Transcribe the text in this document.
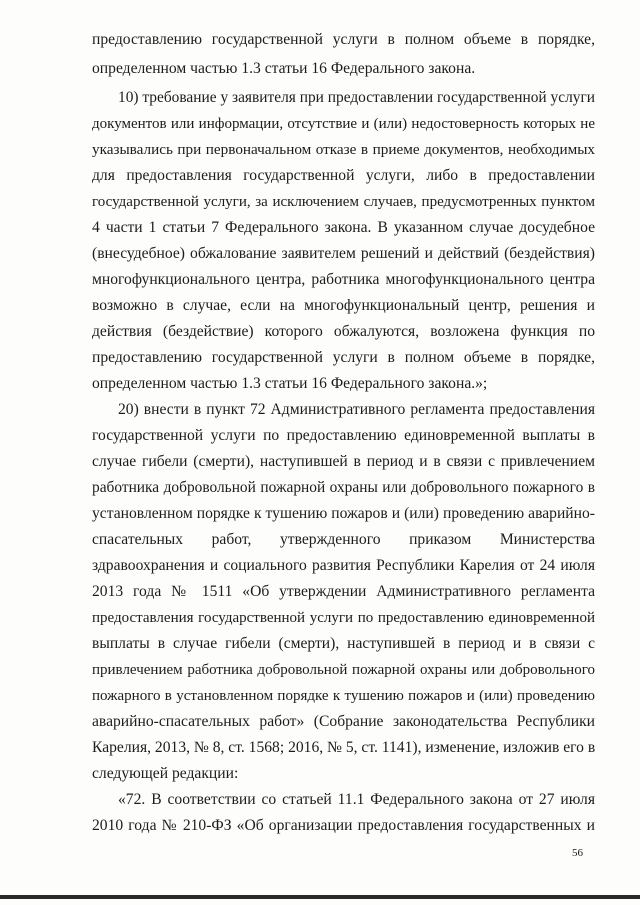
предоставлению государственной услуги в полном объеме в порядке,
определенном частью 1.3 статьи 16 Федерального закона.
10) требование у заявителя при предоставлении государственной услуги
документов или информации, отсутствие и (или) недостоверность которых не
указывались при первоначальном отказе в приеме документов, необходимых
для предоставления государственной услуги, либо в предоставлении
государственной услуги, за исключением случаев, предусмотренных пунктом
4 части 1 статьи 7 Федерального закона. В указанном случае досудебное
(внесудебное) обжалование заявителем решений и действий (бездействия)
многофункционального центра, работника многофункционального центра
возможно в случае, если на многофункциональный центр, решения и
действия (бездействие) которого обжалуются, возложена функция по
предоставлению государственной услуги в полном объеме в порядке,
определенном частью 1.3 статьи 16 Федерального закона.»;
20) внести в пункт 72 Административного регламента предоставления
государственной услуги по предоставлению единовременной выплаты в
случае гибели (смерти), наступившей в период и в связи с привлечением
работника добровольной пожарной охраны или добровольного пожарного в
установленном порядке к тушению пожаров и (или) проведению аварийно-
спасательных работ, утвержденного приказом Министерства
здравоохранения и социального развития Республики Карелия от 24 июля
2013 года № 1511 «Об утверждении Административного регламента
предоставления государственной услуги по предоставлению единовременной
выплаты в случае гибели (смерти), наступившей в период и в связи с
привлечением работника добровольной пожарной охраны или добровольного
пожарного в установленном порядке к тушению пожаров и (или) проведению
аварийно-спасательных работ» (Собрание законодательства Республики
Карелия, 2013, № 8, ст. 1568; 2016, № 5, ст. 1141), изменение, изложив его в
следующей редакции:
«72. В соответствии со статьей 11.1 Федерального закона от 27 июля
2010 года № 210-ФЗ «Об организации предоставления государственных и
56
